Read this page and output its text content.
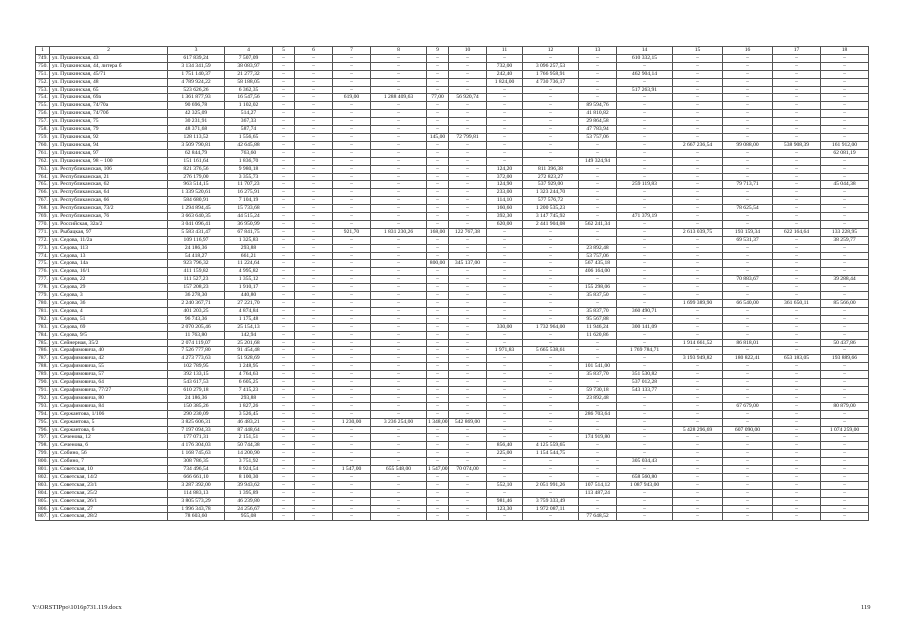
1	2	3	4	5	6	7	8	9	10	11	12	13	14	15	16	17	18
749.	ул. Пушкинская, 43	617 839,24	7 507,09	–	–	–	–	–	–	–	–	–	610 332,15	–	–	–	–
750.	ул. Пушкинская, 44, литера б	3 134 341,59	38 083,97	–	–	–	–	–	–	732,00	3 096 257,53	–	–	–	–	–	–
751.	ул. Пушкинская, 45/71	1 751 140,37	21 277,32	–	–	–	–	–	–	242,40	1 766 958,91	–	462 904,14	–	–	–	–
752.	ул. Пушкинская, 48	4 789 924,22	58 188,05	–	–	–	–	–	–	1 824,00	4 730 736,17	–	–	–	–	–	–
753.	ул. Пушкинская, 65	523 626,26	6 362,35	–	–	–	–	–	–	–	–	–	517 263,91	–	–	–	–
754.	ул. Пушкинская, 69а	1 361 877,93	16 547,56	–	–	619,00	1 288 409,63	77,00	56 920,74	–	–	–	–	–	–	–	–
755.	ул. Пушкинская, 74/70а	90 696,78	1 102,02	–	–	–	–	–	–	–	–	89 594,76	–	–	–	–	–
756.	ул. Пушкинская, 74/70б	42 325,09	514,27	–	–	–	–	–	–	–	–	41 810,82	–	–	–	–	–
757.	ул. Пушкинская, 75	30 231,91	367,33	–	–	–	–	–	–	–	–	29 864,58	–	–	–	–	–
758.	ул. Пушкинская, 79	48 371,68	587,74	–	–	–	–	–	–	–	–	47 783,94	–	–	–	–	–
759.	ул. Пушкинская, 92	128 113,52	1 556,65	–	–	–	–	145,00	72 799,81	–	–	53 757,06	–	–	–	–	–
760.	ул. Пушкинская, 94	3 509 790,81	42 645,88	–	–	–	–	–	–	–	–	–	–	2 667 236,54	99 088,00	538 908,39	161 912,00
761.	ул. Пушкинская, 97	62 844,79	763,60	–	–	–	–	–	–	–	–	–	–	–	–	–	62 081,19
762.	ул. Пушкинская, 98 – 100	151 161,64	1 836,70	–	–	–	–	–	–	–	–	149 324,94	–	–	–	–	–
763.	ул. Республиканская, 106	821 376,56	9 980,18	–	–	–	–	–	–	124,20	811 396,38	–	–	–	–	–	–
764.	ул. Республиканская, 21	276 179,00	3 355,73	–	–	–	–	–	–	372,00	272 823,27	–	–	–	–	–	–
765.	ул. Республиканская, 62	963 514,15	11 707,23	–	–	–	–	–	–	124,90	537 929,00	–	259 119,83	–	79 713,71	–	45 044,38
766.	ул. Республиканская, 64	1 339 520,61	16 275,91	–	–	–	–	–	–	233,00	1 323 244,70	–	–	–	–	–	–
767.	ул. Республиканская, 66	584 680,91	7 104,19	–	–	–	–	–	–	114,10	577 576,72	–	–	–	–	–	–
768.	ул. Республиканская, 73/2	1 294 894,45	15 733,68	–	–	–	–	–	–	160,60	1 200 535,23	–	–	–	78 625,54	–	–
769.	ул. Республиканская, 76	3 663 640,35	44 515,24	–	–	–	–	–	–	392,30	3 147 745,92	–	471 379,19	–	–	–	–
770.	ул. Российская, 32а/2	3 041 096,41	36 950,99	–	–	–	–	–	–	620,00	2 441 904,08	562 241,34	–	–	–	–	–
771.	ул. Рыбацкая, 97	5 583 431,47	67 841,75	–	–	921,70	1 831 230,26	168,00	122 767,38	–	–	–	–	2 613 039,75	193 159,34	622 164,64	133 228,95
772.	ул. Седова, 11/2а	109 116,97	1 325,83	–	–	–	–	–	–	–	–	–	–	–	69 531,37	–	38 259,77
773.	ул. Седова, 113	24 186,36	293,88	–	–	–	–	–	–	–	–	23 892,48	–	–	–	–	–
774.	ул. Седова, 13	54 418,27	661,21	–	–	–	–	–	–	–	–	53 757,06	–	–	–	–	–
775.	ул. Седова, 14а	923 796,32	11 224,64	–	–	–	–	800,00	345 137,00	–	–	567 435,18	–	–	–	–	–
776.	ул. Седова, 16/1	411 159,82	4 995,82	–	–	–	–	–	–	–	–	406 164,00	–	–	–	–	–
777.	ул. Седова, 22	111 527,23	1 355,12	–	–	–	–	–	–	–	–	–	–	–	70 883,67	–	39 288,44
778.	ул. Седова, 29	157 208,23	1 910,17	–	–	–	–	–	–	–	–	155 298,06	–	–	–	–	–
779.	ул. Седова, 3	36 278,30	440,80	–	–	–	–	–	–	–	–	35 837,50	–	–	–	–	–
780.	ул. Седова, 36	2 240 367,71	27 221,70	–	–	–	–	–	–	–	–	–	–	1 699 389,90	66 540,00	361 650,11	85 566,00
781.	ул. Седова, 4	401 203,25	4 874,84	–	–	–	–	–	–	–	–	35 837,70	360 490,71	–	–	–	–
782.	ул. Седова, 51	96 743,36	1 175,48	–	–	–	–	–	–	–	–	95 567,88	–	–	–	–	–
783.	ул. Седова, 69	2 070 205,46	25 154,13	–	–	–	–	–	–	330,00	1 732 964,00	11 946,24	300 141,09	–	–	–	–
784.	ул. Седова, 9/5	11 763,80	142,94	–	–	–	–	–	–	–	–	11 620,86	–	–	–	–	–
785.	ул. Сейнерная, 35/2	2 074 119,07	25 201,68	–	–	–	–	–	–	–	–	–	–	1 914 661,52	86 818,01	–	50 437,86
786.	ул. Серафимовича, 40	7 526 777,80	91 454,48	–	–	–	–	–	–	1 971,83	5 665 538,61	–	1 769 784,71	–	–	–	–
787.	ул. Серафимовича, 42	4 273 773,63	51 928,69	–	–	–	–	–	–	–	–	–	–	3 193 949,82	180 822,41	653 183,05	193 889,66
788.	ул. Серафимовича, 55	102 789,95	1 248,95	–	–	–	–	–	–	–	–	101 541,00	–	–	–	–	–
789.	ул. Серафимовича, 57	392 133,15	4 764,63	–	–	–	–	–	–	–	–	35 837,70	351 530,82	–	–	–	–
790.	ул. Серафимовича, 64	543 617,53	6 605,25	–	–	–	–	–	–	–	–	–	537 012,28	–	–	–	–
791.	ул. Серафимовича, 77/27	610 279,18	7 415,23	–	–	–	–	–	–	–	–	59 730,18	543 133,77	–	–	–	–
792.	ул. Серафимовича, 80	24 186,36	293,88	–	–	–	–	–	–	–	–	23 892,48	–	–	–	–	–
793.	ул. Серафимовича, 84	150 385,26	1 827,26	–	–	–	–	–	–	–	–	–	–	–	67 679,00	–	80 879,00
794.	ул. Сержантова, 1/106	290 230,09	3 526,45	–	–	–	–	–	–	–	–	286 703,64	–	–	–	–	–
795.	ул. Сержантова, 5	3 825 606,31	46 483,21	–	–	1 230,00	3 236 254,00	1 348,00	542 869,00	–	–	–	–	–	–	–	–
796.	ул. Сержантова, 6	7 197 094,33	87 448,64	–	–	–	–	–	–	–	–	–	–	5 428 296,69	607 090,00	–	1 074 259,00
797.	ул. Сеченова, 12	177 071,31	2 151,51	–	–	–	–	–	–	–	–	174 919,80	–	–	–	–	–
798.	ул. Сеченова, 6	4 176 304,03	50 744,38	–	–	–	–	–	–	856,40	4 125 559,65	–	–	–	–	–	–
799.	ул. Собино, 56	1 168 745,63	14 200,90	–	–	–	–	–	–	225,00	1 154 544,75	–	–	–	–	–	–
800.	ул. Собино, 7	308 786,35	3 751,92	–	–	–	–	–	–	–	–	–	305 034,43	–	–	–	–
801.	ул. Советская, 10	734 496,54	8 924,54	–	–	1 547,00	655 548,00	1 547,00	70 074,00	–	–	–	–	–	–	–	–
802.	ул. Советская, 14/2	666 661,10	8 100,30	–	–	–	–	–	–	–	–	–	658 560,80	–	–	–	–
803.	ул. Советская, 23/1	3 287 392,00	39 943,62	–	–	–	–	–	–	552,10	2 051 991,26	107 514,12	1 087 943,00	–	–	–	–
804.	ул. Советская, 25/2	114 883,13	1 395,89	–	–	–	–	–	–	–	–	113 487,24	–	–	–	–	–
805.	ул. Советская, 26/1	3 805 573,29	46 239,80	–	–	–	–	–	–	981,46	3 759 333,49	–	–	–	–	–	–
806.	ул. Советская, 27	1 996 343,78	24 256,67	–	–	–	–	–	–	123,30	1 972 087,11	–	–	–	–	–	–
807.	ул. Советская, 28/2	78 603,60	955,08	–	–	–	–	–	–	–	–	77 648,52	–	–	–	–	–
Y:\ORSTIPpo\1016p731.119.docx	119
